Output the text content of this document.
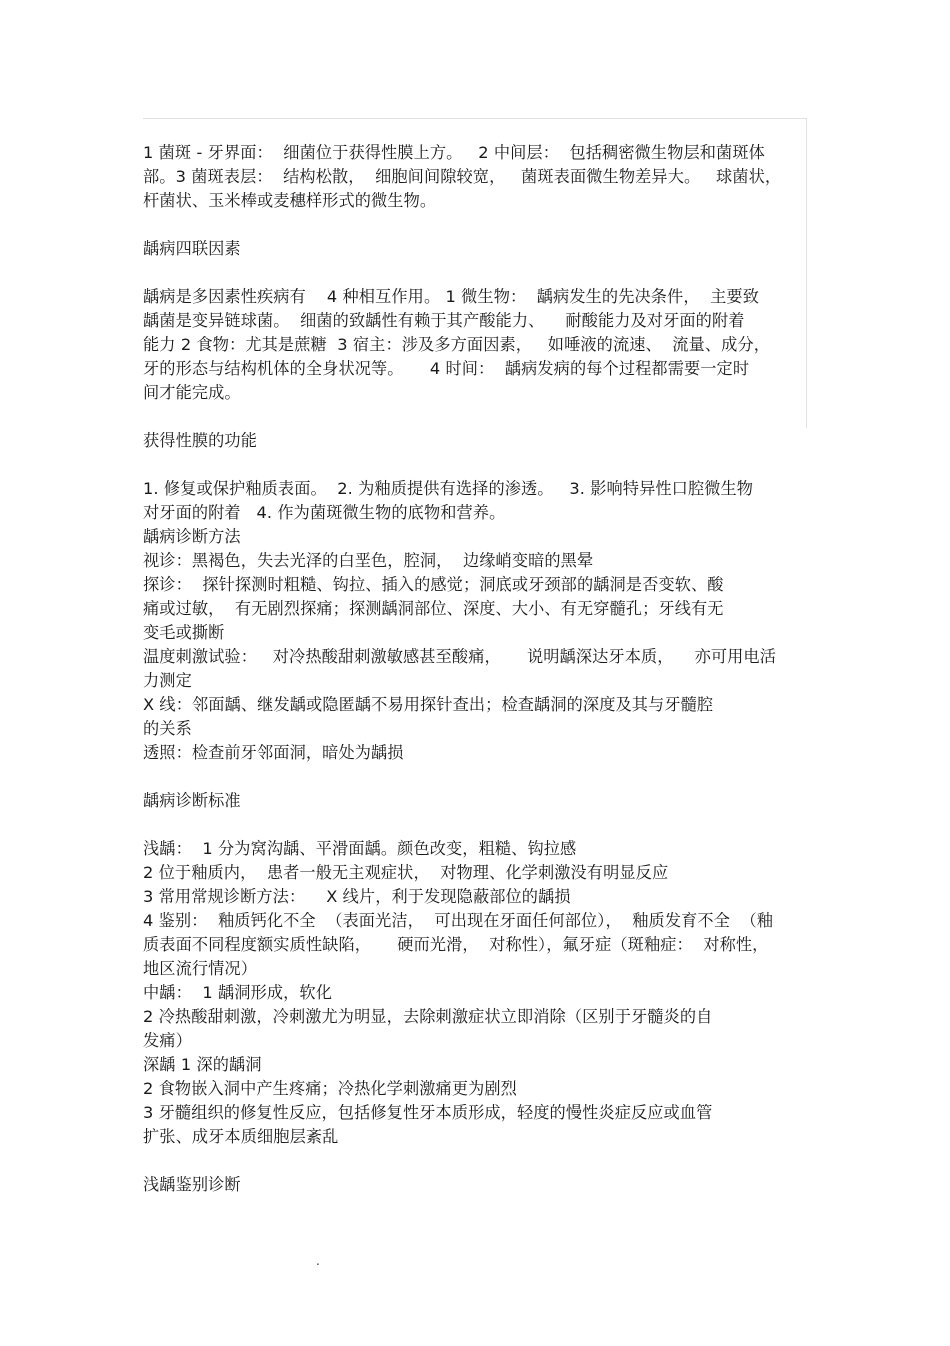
1 菌斑 - 牙界面：  细菌位于获得性膜上方。   2 中间层：  包括稠密微生物层和菌斑体

部。3 菌斑表层：  结构松散，  细胞间间隙较宽，   菌斑表面微生物差异大。   球菌状，

杆菌状、玉米棒或麦穗样形式的微生物。

龋病四联因素

龋病是多因素性疾病有    4 种相互作用。 1 微生物：  龋病发生的先决条件，  主要致

龋菌是变异链球菌。  细菌的致龋性有赖于其产酸能力、    耐酸能力及对牙面的附着

能力 2 食物：尤其是蔗糖  3 宿主：涉及多方面因素，   如唾液的流速、  流量、成分，

牙的形态与结构机体的全身状况等。     4 时间：  龋病发病的每个过程都需要一定时

间才能完成。

获得性膜的功能

1. 修复或保护釉质表面。  2. 为釉质提供有选择的渗透。   3. 影响特异性口腔微生物

对牙面的附着   4. 作为菌斑微生物的底物和营养。

龋病诊断方法

视诊：黑褐色，失去光泽的白垩色，腔洞，  边缘峭变暗的黑晕

探诊：  探针探测时粗糙、钩拉、插入的感觉；洞底或牙颈部的龋洞是否变软、酸

痛或过敏，  有无剧烈探痛；探测龋洞部位、深度、大小、有无穿髓孔；牙线有无

变毛或撕断

温度刺激试验：   对冷热酸甜刺激敏感甚至酸痛，     说明龋深达牙本质，    亦可用电活

力测定

X 线：邻面龋、继发龋或隐匿龋不易用探针查出；检查龋洞的深度及其与牙髓腔

的关系

透照：检查前牙邻面洞，暗处为龋损

龋病诊断标准

浅龋：  1 分为窝沟龋、平滑面龋。颜色改变，粗糙、钩拉感

2 位于釉质内，  患者一般无主观症状，  对物理、化学刺激没有明显反应

3 常用常规诊断方法：    X 线片，利于发现隐蔽部位的龋损

4 鉴别：  釉质钙化不全  （表面光洁，  可出现在牙面任何部位），  釉质发育不全  （釉

质表面不同程度额实质性缺陷，     硬而光滑，  对称性），氟牙症（斑釉症：  对称性，

地区流行情况）

中龋：  1 龋洞形成，软化

2 冷热酸甜刺激，冷刺激尤为明显，去除刺激症状立即消除（区别于牙髓炎的自

发痛）

深龋 1 深的龋洞

2 食物嵌入洞中产生疼痛；冷热化学刺激痛更为剧烈

3 牙髓组织的修复性反应，包括修复性牙本质形成，轻度的慢性炎症反应或血管

扩张、成牙本质细胞层紊乱

浅龋鉴别诊断

.
